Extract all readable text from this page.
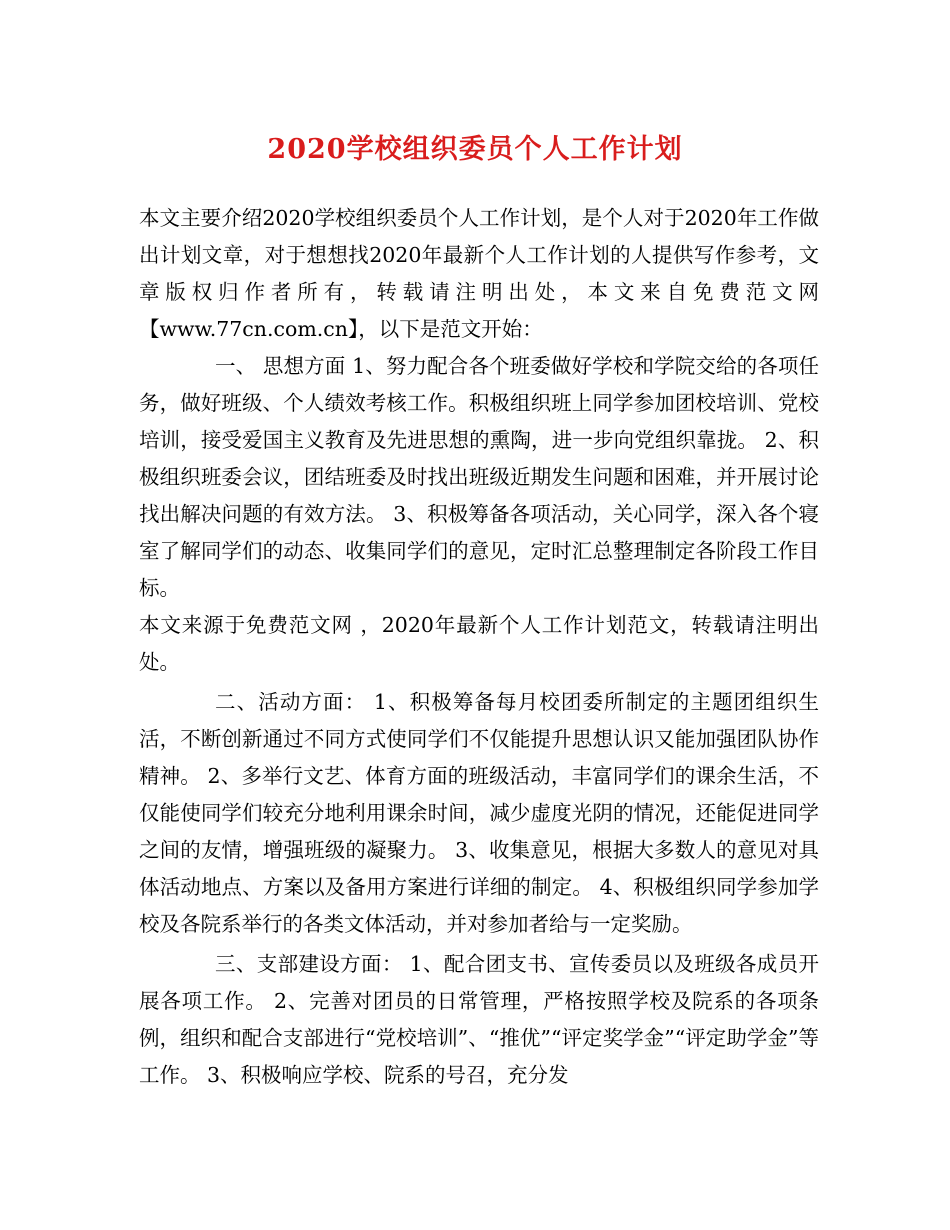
2020学校组织委员个人工作计划

本文主要介绍2020学校组织委员个人工作计划，是个人对于2020年工作做出计划文章，对于想想找2020年最新个人工作计划的人提供写作参考，文章版权归作者所有，转载请注明出处，本文来自免费范文网【www.77cn.com.cn】，以下是范文开始：

一、 思想方面 1、努力配合各个班委做好学校和学院交给的各项任务，做好班级、个人绩效考核工作。积极组织班上同学参加团校培训、党校培训，接受爱国主义教育及先进思想的熏陶，进一步向党组织靠拢。 2、积极组织班委会议，团结班委及时找出班级近期发生问题和困难，并开展讨论找出解决问题的有效方法。 3、积极筹备各项活动，关心同学，深入各个寝室了解同学们的动态、收集同学们的意见，定时汇总整理制定各阶段工作目标。

本文来源于免费范文网 ，2020年最新个人工作计划范文，转载请注明出处。

二、活动方面： 1、积极筹备每月校团委所制定的主题团组织生活，不断创新通过不同方式使同学们不仅能提升思想认识又能加强团队协作精神。 2、多举行文艺、体育方面的班级活动，丰富同学们的课余生活，不仅能使同学们较充分地利用课余时间，减少虚度光阴的情况，还能促进同学之间的友情，增强班级的凝聚力。 3、收集意见，根据大多数人的意见对具体活动地点、方案以及备用方案进行详细的制定。 4、积极组织同学参加学校及各院系举行的各类文体活动，并对参加者给与一定奖励。

三、支部建设方面： 1、配合团支书、宣传委员以及班级各成员开展各项工作。 2、完善对团员的日常管理，严格按照学校及院系的各项条例，组织和配合支部进行“党校培训”、“推优”“评定奖学金”“评定助学金”等工作。 3、积极响应学校、院系的号召，充分发
